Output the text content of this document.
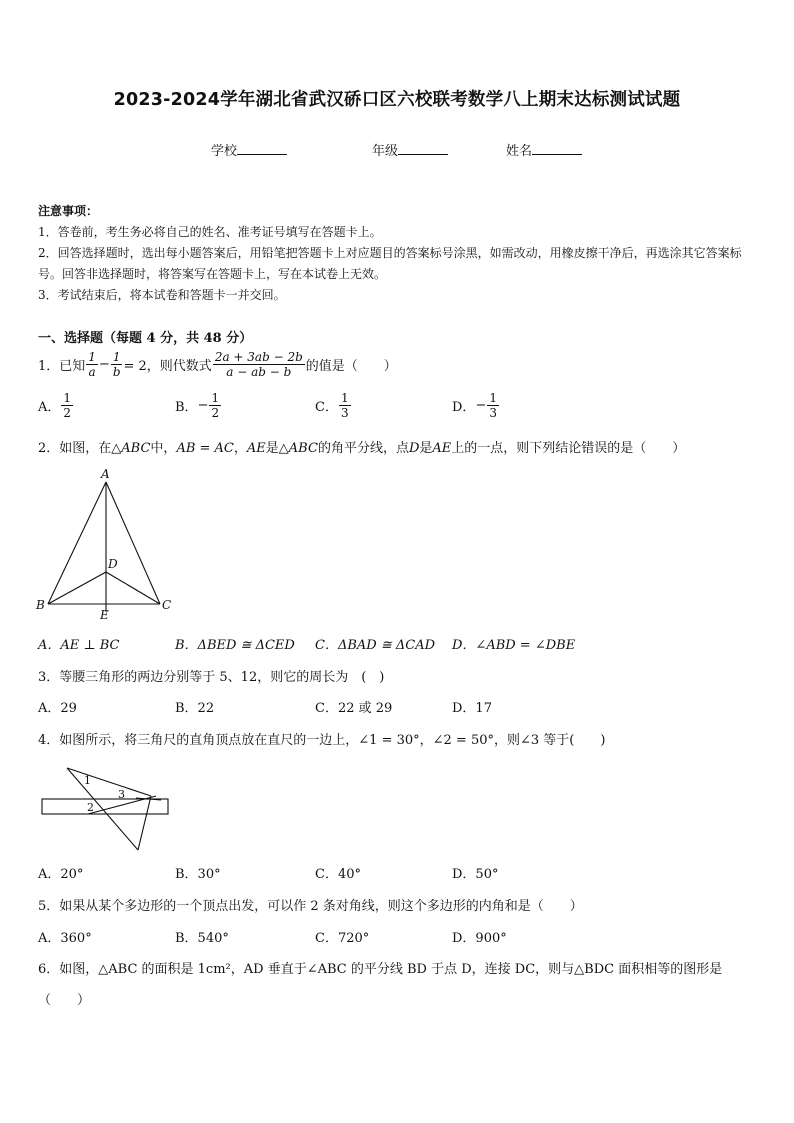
2023-2024学年湖北省武汉硚口区六校联考数学八上期末达标测试试题
学校	年级	姓名
注意事项：
1．答卷前，考生务必将自己的姓名、准考证号填写在答题卡上。
2．回答选择题时，选出每小题答案后，用铅笔把答题卡上对应题目的答案标号涂黑，如需改动，用橡皮擦干净后，再选涂其它答案标号。回答非选择题时，将答案写在答题卡上，写在本试卷上无效。
3．考试结束后，将本试卷和答题卡一并交回。
一、选择题（每题 4 分，共 48 分）
1．已知 $\frac{1}{a} - \frac{1}{b} = 2$，则代数式 $\frac{2a + 3ab - 2b}{a - ab - b}$ 的值是（　　）
A． $\frac{1}{2}$	B． − $\frac{1}{2}$	C． $\frac{1}{3}$	D． − $\frac{1}{3}$
2．如图，在△ABC中，AB = AC，AE是△ABC的角平分线，点D是AE上的一点，则下列结论错误的是（　　）
A
B	C
D
E
A．AE ⊥ BC	B．ΔBED ≅ ΔCED C．ΔBAD ≅ ΔCAD D．∠ABD = ∠DBE
3．等腰三角形的两边分别等于 5、12，则它的周长为　(　)
A．29	B．22	C．22 或 29	D．17
4．如图所示，将三角尺的直角顶点放在直尺的一边上，∠1 = 30°，∠2 = 50°，则∠3 等于(　　)
1
2
3
A．20°	B．30°	C．40°	D．50°
5．如果从某个多边形的一个顶点出发，可以作 2 条对角线，则这个多边形的内角和是（　　）
A．360°	B．540°	C．720°	D．900°
6．如图，△ABC 的面积是 1cm²，AD 垂直于∠ABC 的平分线 BD 于点 D，连接 DC，则与△BDC 面积相等的图形是
（　　）
